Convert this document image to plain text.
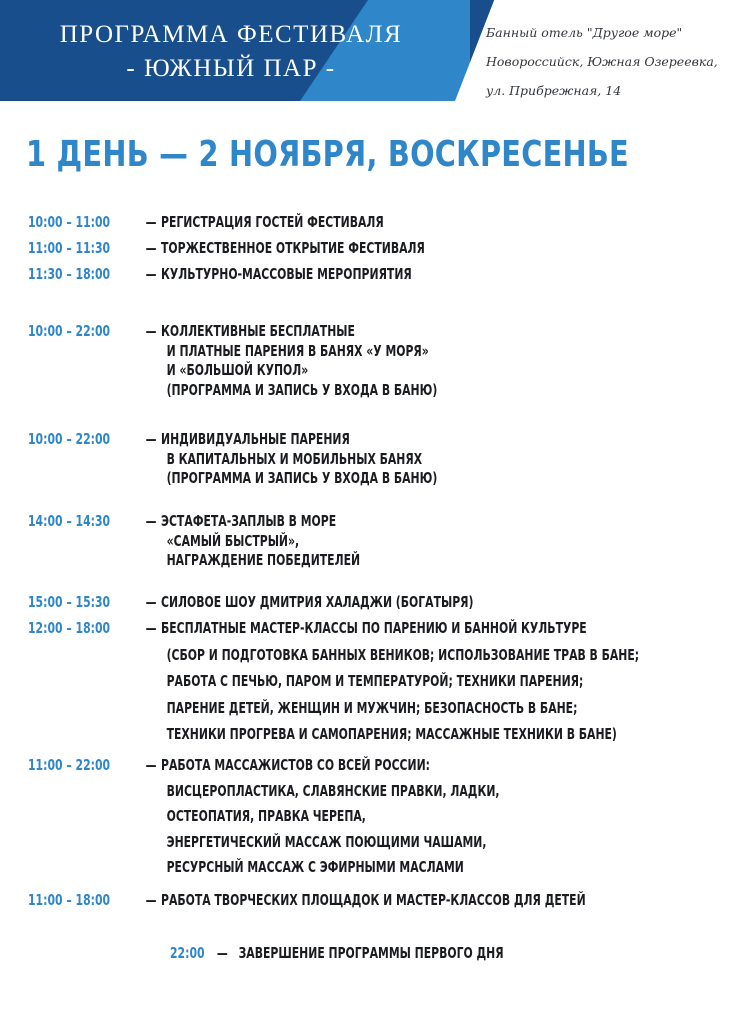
ПРОГРАММА ФЕСТИВАЛЯ
- ЮЖНЫЙ ПАР -
Банный отель "Другое море"
Новороссийск, Южная Озереевка,
ул. Прибрежная, 14
1 ДЕНЬ — 2 НОЯБРЯ, ВОСКРЕСЕНЬЕ
10:00 – 11:00 — РЕГИСТРАЦИЯ ГОСТЕЙ ФЕСТИВАЛЯ
11:00 – 11:30 — ТОРЖЕСТВЕННОЕ ОТКРЫТИЕ ФЕСТИВАЛЯ
11:30 – 18:00 — КУЛЬТУРНО-МАССОВЫЕ МЕРОПРИЯТИЯ
10:00 – 22:00 — КОЛЛЕКТИВНЫЕ БЕСПЛАТНЫЕ
И ПЛАТНЫЕ ПАРЕНИЯ В БАНЯХ «У МОРЯ»
И «БОЛЬШОЙ КУПОЛ»
(ПРОГРАММА И ЗАПИСЬ У ВХОДА В БАНЮ)
10:00 – 22:00 — ИНДИВИДУАЛЬНЫЕ ПАРЕНИЯ
В КАПИТАЛЬНЫХ И МОБИЛЬНЫХ БАНЯХ
(ПРОГРАММА И ЗАПИСЬ У ВХОДА В БАНЮ)
14:00 – 14:30 — ЭСТАФЕТА-ЗАПЛЫВ В МОРЕ
«САМЫЙ БЫСТРЫЙ»,
НАГРАЖДЕНИЕ ПОБЕДИТЕЛЕЙ
15:00 – 15:30 — СИЛОВОЕ ШОУ ДМИТРИЯ ХАЛАДЖИ (БОГАТЫРЯ)
12:00 – 18:00 — БЕСПЛАТНЫЕ МАСТЕР-КЛАССЫ ПО ПАРЕНИЮ И БАННОЙ КУЛЬТУРЕ
(СБОР И ПОДГОТОВКА БАННЫХ ВЕНИКОВ; ИСПОЛЬЗОВАНИЕ ТРАВ В БАНЕ;
РАБОТА С ПЕЧЬЮ, ПАРОМ И ТЕМПЕРАТУРОЙ; ТЕХНИКИ ПАРЕНИЯ;
ПАРЕНИЕ ДЕТЕЙ, ЖЕНЩИН И МУЖЧИН; БЕЗОПАСНОСТЬ В БАНЕ;
ТЕХНИКИ ПРОГРЕВА И САМОПАРЕНИЯ; МАССАЖНЫЕ ТЕХНИКИ В БАНЕ)
11:00 – 22:00 — РАБОТА МАССАЖИСТОВ СО ВСЕЙ РОССИИ:
ВИСЦЕРОПЛАСТИКА, СЛАВЯНСКИЕ ПРАВКИ, ЛАДКИ,
ОСТЕОПАТИЯ, ПРАВКА ЧЕРЕПА,
ЭНЕРГЕТИЧЕСКИЙ МАССАЖ ПОЮЩИМИ ЧАШАМИ,
РЕСУРСНЫЙ МАССАЖ С ЭФИРНЫМИ МАСЛАМИ
11:00 – 18:00 — РАБОТА ТВОРЧЕСКИХ ПЛОЩАДОК И МАСТЕР-КЛАССОВ ДЛЯ ДЕТЕЙ
22:00 — ЗАВЕРШЕНИЕ ПРОГРАММЫ ПЕРВОГО ДНЯ
